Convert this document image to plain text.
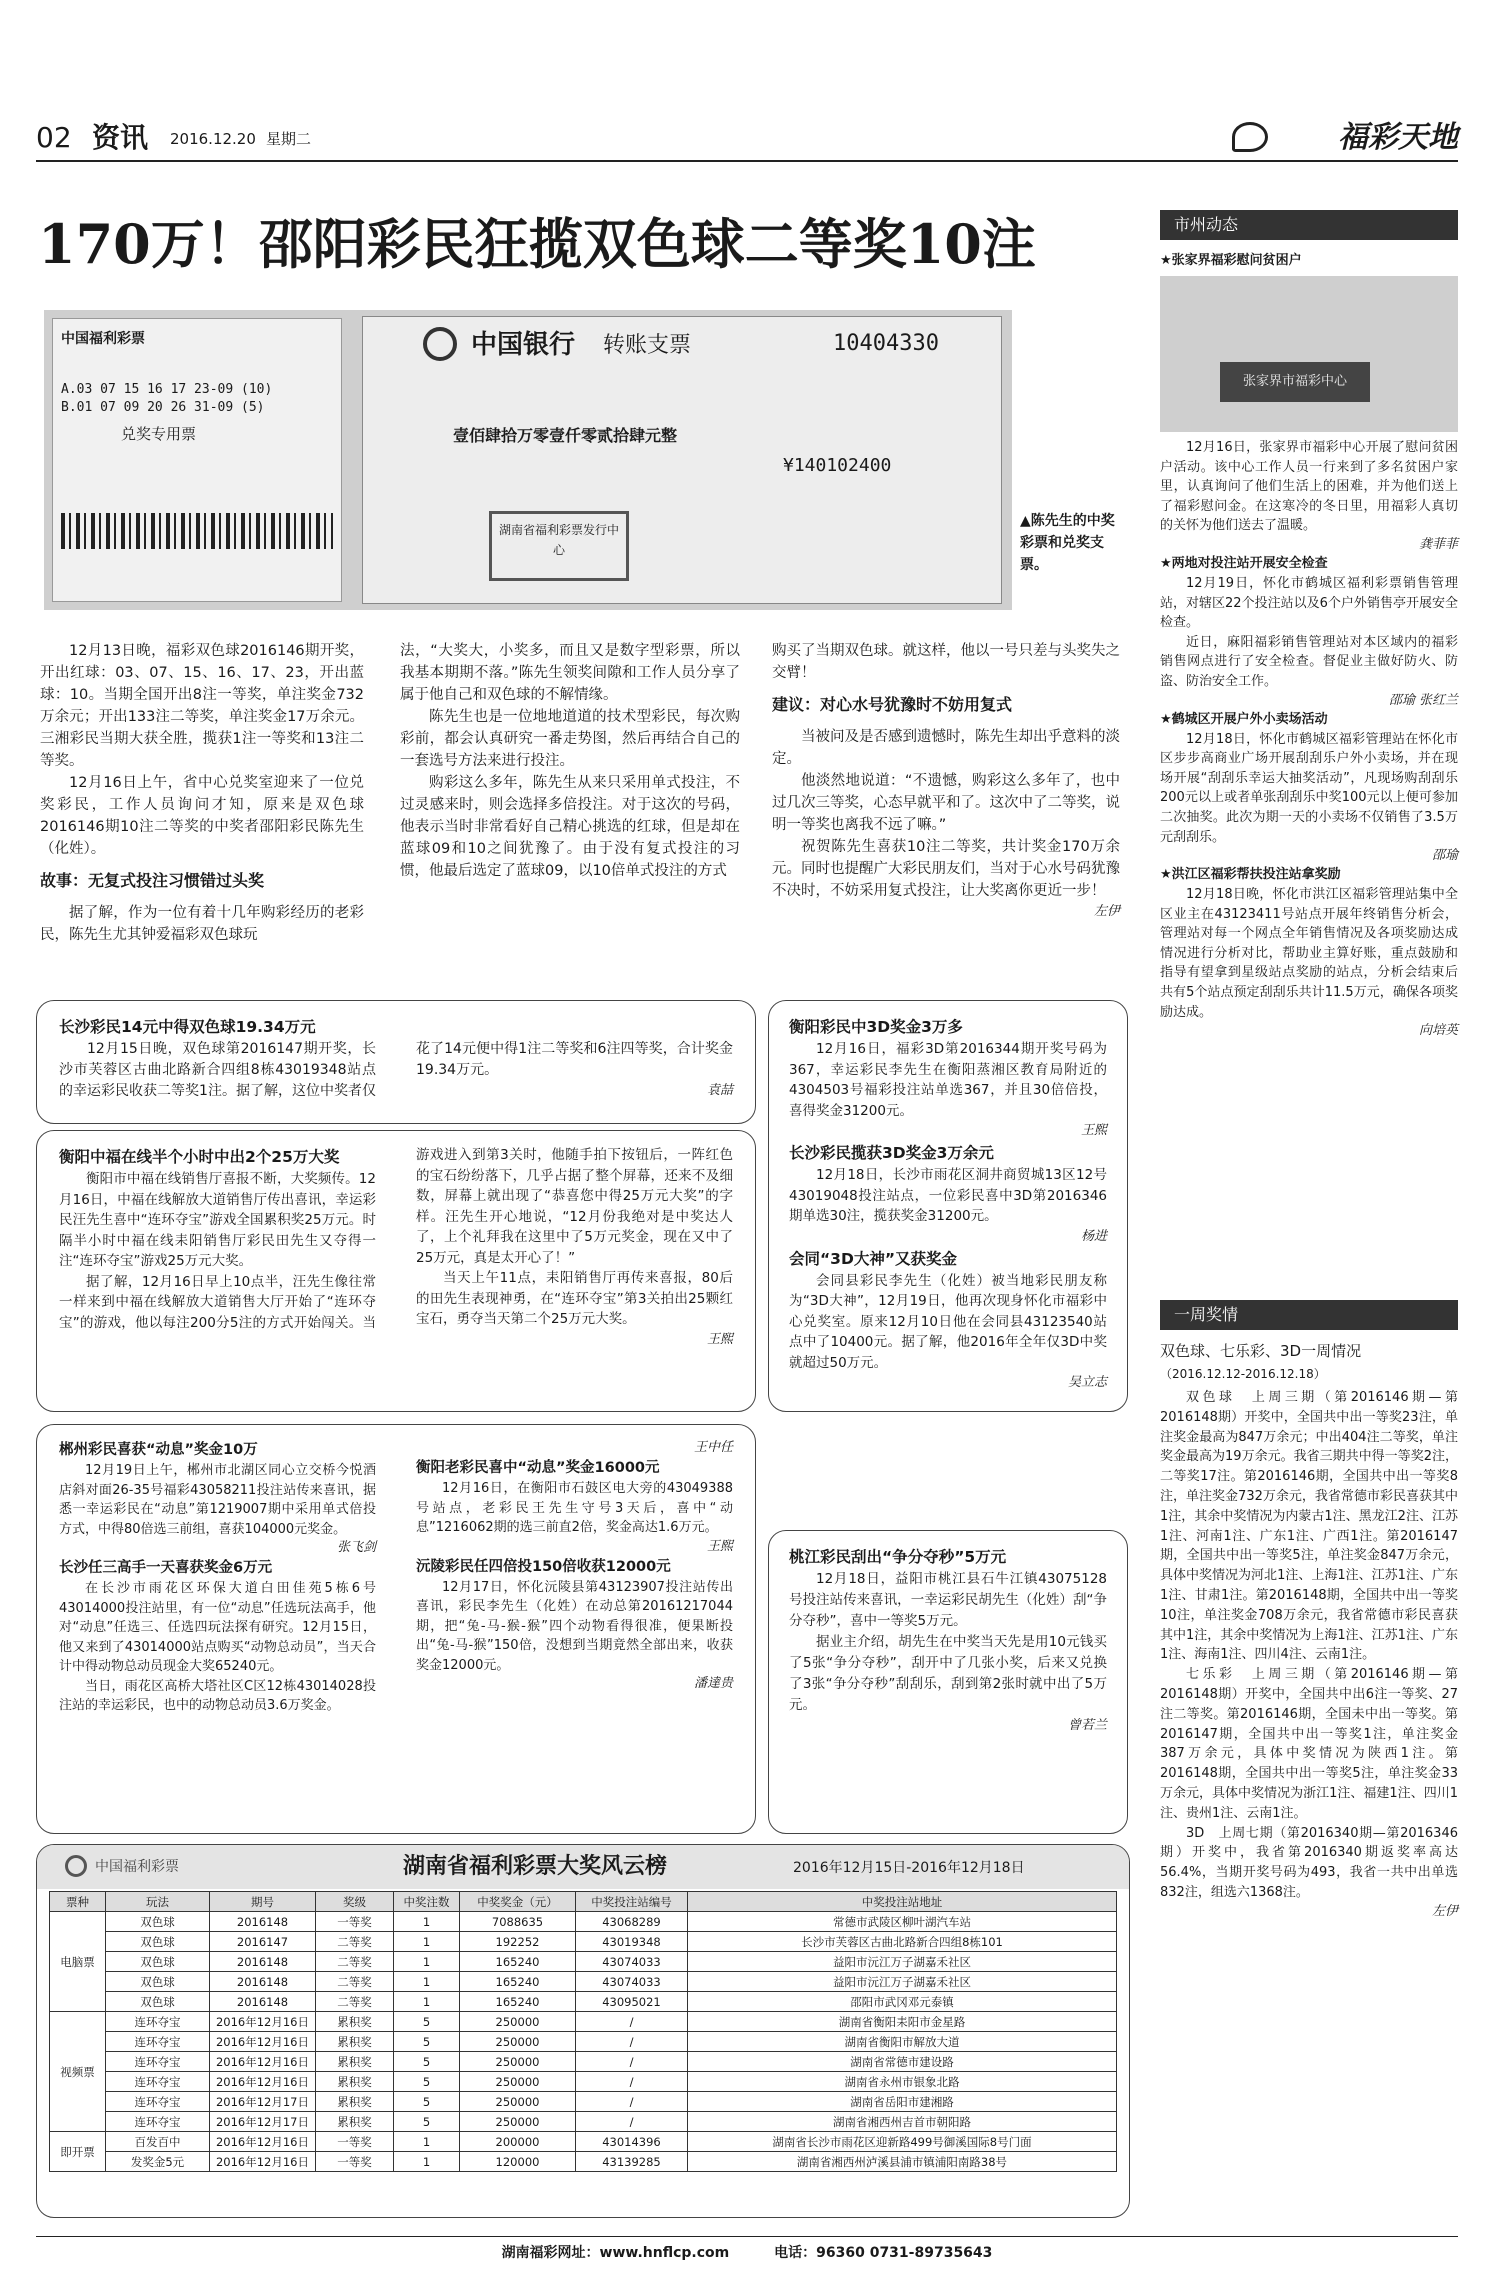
02 资讯 2016.12.20 星期二	福彩天地
170万！邵阳彩民狂揽双色球二等奖10注
中国福利彩票
A.03 07 15 16 17 23-09 (10)
B.01 07 09 20 26 31-09 (5)
兑奖专用票
中国银行 转账支票	10404330
壹佰肆拾万零壹仟零贰拾肆元整
¥140102400
湖南省福利彩票发行中心
▲陈先生的中奖彩票和兑奖支票。

12月13日晚，福彩双色球2016146期开奖，开出红球：03、07、15、16、17、23，开出蓝球：10。当期全国开出8注一等奖，单注奖金732万余元；开出133注二等奖，单注奖金17万余元。三湘彩民当期大获全胜，揽获1注一等奖和13注二等奖。

12月16日上午，省中心兑奖室迎来了一位兑奖彩民，工作人员询问才知，原来是双色球2016146期10注二等奖的中奖者邵阳彩民陈先生（化姓）。

故事：无复式投注习惯错过头奖

据了解，作为一位有着十几年购彩经历的老彩民，陈先生尤其钟爱福彩双色球玩

法，“大奖大，小奖多，而且又是数字型彩票，所以我基本期期不落。”陈先生领奖间隙和工作人员分享了属于他自己和双色球的不解情缘。

陈先生也是一位地地道道的技术型彩民，每次购彩前，都会认真研究一番走势图，然后再结合自己的一套选号方法来进行投注。

购彩这么多年，陈先生从来只采用单式投注，不过灵感来时，则会选择多倍投注。对于这次的号码，他表示当时非常看好自己精心挑选的红球，但是却在蓝球09和10之间犹豫了。由于没有复式投注的习惯，他最后选定了蓝球09，以10倍单式投注的方式

购买了当期双色球。就这样，他以一号只差与头奖失之交臂！

建议：对心水号犹豫时不妨用复式

当被问及是否感到遗憾时，陈先生却出乎意料的淡定。

他淡然地说道：“不遗憾，购彩这么多年了，也中过几次三等奖，心态早就平和了。这次中了二等奖，说明一等奖也离我不远了嘛。”

祝贺陈先生喜获10注二等奖，共计奖金170万余元。同时也提醒广大彩民朋友们，当对于心水号码犹豫不决时，不妨采用复式投注，让大奖离你更近一步！

左伊
长沙彩民14元中得双色球19.34万元

12月15日晚，双色球第2016147期开奖，长沙市芙蓉区古曲北路新合四组8栋43019348站点的幸运彩民收获二等奖1注。据了解，这位中奖者仅花了14元便中得1注二等奖和6注四等奖，合计奖金19.34万元。

袁喆
衡阳中福在线半个小时中出2个25万大奖

衡阳市中福在线销售厅喜报不断，大奖频传。12月16日，中福在线解放大道销售厅传出喜讯，幸运彩民汪先生喜中“连环夺宝”游戏全国累积奖25万元。时隔半小时中福在线耒阳销售厅彩民田先生又夺得一注“连环夺宝”游戏25万元大奖。

据了解，12月16日早上10点半，汪先生像往常一样来到中福在线解放大道销售大厅开始了“连环夺宝”的游戏，他以每注200分5注的方式开始闯关。当游戏进入到第3关时，他随手拍下按钮后，一阵红色的宝石纷纷落下，几乎占据了整个屏幕，还来不及细数，屏幕上就出现了“恭喜您中得25万元大奖”的字样。汪先生开心地说，“12月份我绝对是中奖达人了，上个礼拜我在这里中了5万元奖金，现在又中了25万元，真是太开心了！”

当天上午11点，耒阳销售厅再传来喜报，80后的田先生表现神勇，在“连环夺宝”第3关拍出25颗红宝石，勇夺当天第二个25万元大奖。

王熙
衡阳彩民中3D奖金3万多

12月16日，福彩3D第2016344期开奖号码为367，幸运彩民李先生在衡阳蒸湘区教育局附近的4304503号福彩投注站单选367，并且30倍倍投，喜得奖金31200元。

王熙
长沙彩民揽获3D奖金3万余元

12月18日，长沙市雨花区洞井商贸城13区12号43019048投注站点，一位彩民喜中3D第2016346期单选30注，揽获奖金31200元。

杨进
会同“3D大神”又获奖金

会同县彩民李先生（化姓）被当地彩民朋友称为“3D大神”，12月19日，他再次现身怀化市福彩中心兑奖室。原来12月10日他在会同县43123540站点中了10400元。据了解，他2016年全年仅3D中奖就超过50万元。

吴立志
郴州彩民喜获“动息”奖金10万

12月19日上午，郴州市北湖区同心立交桥今悦酒店斜对面26-35号福彩43058211投注站传来喜讯，据悉一幸运彩民在“动息”第1219007期中采用单式倍投方式，中得80倍选三前组，喜获104000元奖金。

张飞剑
长沙任三高手一天喜获奖金6万元

在长沙市雨花区环保大道白田佳苑5栋6号43014000投注站里，有一位“动息”任选玩法高手，他对“动息”任选三、任选四玩法探有研究。12月15日，他又来到了43014000站点购买“动物总动员”，当天合计中得动物总动员现金大奖65240元。

当日，雨花区高桥大塔社区C区12栋43014028投注站的幸运彩民，也中的动物总动员3.6万奖金。

王中任
衡阳老彩民喜中“动息”奖金16000元

12月16日，在衡阳市石鼓区电大旁的43049388号站点，老彩民王先生守号3天后，喜中“动息”1216062期的选三前直2倍，奖金高达1.6万元。

王熙
沅陵彩民任四倍投150倍收获12000元

12月17日，怀化沅陵县第43123907投注站传出喜讯，彩民李先生（化姓）在动总第20161217044期，把“兔-马-猴-猴”四个动物看得很准，便果断投出“兔-马-猴”150倍，没想到当期竟然全部出来，收获奖金12000元。

潘達贵
桃江彩民刮出“争分夺秒”5万元

12月18日，益阳市桃江县石牛江镇43075128号投注站传来喜讯，一幸运彩民胡先生（化姓）刮“争分夺秒”，喜中一等奖5万元。

据业主介绍，胡先生在中奖当天先是用10元钱买了5张“争分夺秒”，刮开中了几张小奖，后来又兑换了3张“争分夺秒”刮刮乐，刮到第2张时就中出了5万元。

曾若兰
市州动态
★张家界福彩慰问贫困户
张家界市福彩中心

12月16日，张家界市福彩中心开展了慰问贫困户活动。该中心工作人员一行来到了多名贫困户家里，认真询问了他们生活上的困难，并为他们送上了福彩慰问金。在这寒冷的冬日里，用福彩人真切的关怀为他们送去了温暖。

龚菲菲
★两地对投注站开展安全检查

12月19日，怀化市鹤城区福利彩票销售管理站，对辖区22个投注站以及6个户外销售亭开展安全检查。

近日，麻阳福彩销售管理站对本区域内的福彩销售网点进行了安全检查。督促业主做好防火、防盗、防治安全工作。

邵瑜 张红兰
★鹤城区开展户外小卖场活动

12月18日，怀化市鹤城区福彩管理站在怀化市区步步高商业广场开展刮刮乐户外小卖场，并在现场开展“刮刮乐幸运大抽奖活动”，凡现场购刮刮乐200元以上或者单张刮刮乐中奖100元以上便可参加二次抽奖。此次为期一天的小卖场不仅销售了3.5万元刮刮乐。

邵瑜
★洪江区福彩帮扶投注站拿奖励

12月18日晚，怀化市洪江区福彩管理站集中全区业主在43123411号站点开展年终销售分析会，管理站对每一个网点全年销售情况及各项奖励达成情况进行分析对比，帮助业主算好账，重点鼓励和指导有望拿到星级站点奖励的站点，分析会结束后共有5个站点预定刮刮乐共计11.5万元，确保各项奖励达成。

向培英
一周奖情
双色球、七乐彩、3D一周情况
（2016.12.12-2016.12.18）

双色球　上周三期（第2016146期—第2016148期）开奖中，全国共中出一等奖23注，单注奖金最高为847万余元；中出404注二等奖，单注奖金最高为19万余元。我省三期共中得一等奖2注，二等奖17注。第2016146期，全国共中出一等奖8注，单注奖金732万余元，我省常德市彩民喜获其中1注，其余中奖情况为内蒙古1注、黑龙江2注、江苏1注、河南1注、广东1注、广西1注。第2016147期，全国共中出一等奖5注，单注奖金847万余元，具体中奖情况为河北1注、上海1注、江苏1注、广东1注、甘肃1注。第2016148期，全国共中出一等奖10注，单注奖金708万余元，我省常德市彩民喜获其中1注，其余中奖情况为上海1注、江苏1注、广东1注、海南1注、四川4注、云南1注。

七乐彩　上周三期（第2016146期—第2016148期）开奖中，全国共中出6注一等奖、27注二等奖。第2016146期，全国未中出一等奖。第2016147期，全国共中出一等奖1注，单注奖金387万余元，具体中奖情况为陕西1注。第2016148期，全国共中出一等奖5注，单注奖金33万余元，具体中奖情况为浙江1注、福建1注、四川1注、贵州1注、云南1注。

3D　上周七期（第2016340期—第2016346期）开奖中，我省第2016340期返奖率高达56.4%，当期开奖号码为493，我省一共中出单选832注，组选六1368注。

左伊
中国福利彩票	湖南省福利彩票大奖风云榜	2016年12月15日-2016年12月18日
票种	玩法	期号	奖级	中奖注数	中奖奖金（元）	中奖投注站编号	中奖投注站地址
电脑票	双色球	2016148	一等奖	1	7088635	43068289	常德市武陵区柳叶湖汽车站
	双色球	2016147	二等奖	1	192252	43019348	长沙市芙蓉区古曲北路新合四组8栋101
	双色球	2016148	二等奖	1	165240	43074033	益阳市沅江万子湖嘉禾社区
	双色球	2016148	二等奖	1	165240	43074033	益阳市沅江万子湖嘉禾社区
	双色球	2016148	二等奖	1	165240	43095021	邵阳市武冈邓元泰镇
视频票	连环夺宝	2016年12月16日	累积奖	5	250000	/	湖南省衡阳耒阳市金星路
	连环夺宝	2016年12月16日	累积奖	5	250000	/	湖南省衡阳市解放大道
	连环夺宝	2016年12月16日	累积奖	5	250000	/	湖南省常德市建设路
	连环夺宝	2016年12月16日	累积奖	5	250000	/	湖南省永州市银象北路
	连环夺宝	2016年12月17日	累积奖	5	250000	/	湖南省岳阳市建湘路
	连环夺宝	2016年12月17日	累积奖	5	250000	/	湖南省湘西州吉首市朝阳路
即开票	百发百中	2016年12月16日	一等奖	1	200000	43014396	湖南省长沙市雨花区迎新路499号御溪国际8号门面
	发奖金5元	2016年12月16日	一等奖	1	120000	43139285	湖南省湘西州泸溪县浦市镇浦阳南路38号
湖南福彩网址：www.hnflcp.com	电话：96360 0731-89735643
